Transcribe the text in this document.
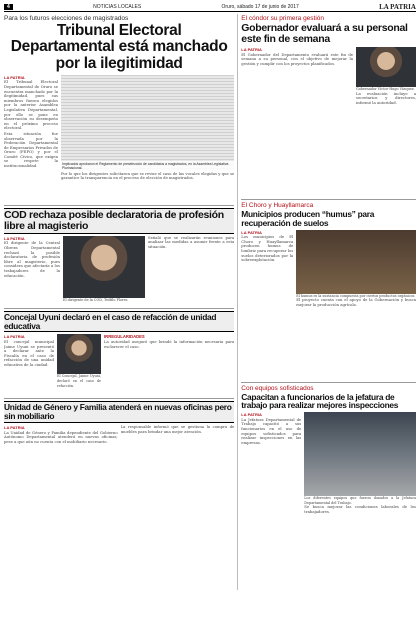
4	NOTICIAS LOCALES	Oruro, sábado 17 de junio de 2017	LA PATRIA
Para los futuros elecciones de magistrados
Tribunal Electoral Departamental está manchado por la ilegitimidad
LA PATRIA

El Tribunal Electoral Departamental de Oruro se encuentra manchado por la ilegitimidad, pues sus miembros fueron elegidos por la anterior Asamblea Legislativa Departamental, por ello se pone en observación su desempeño en el próximo proceso electoral.

Esta situación fue observada por la Federación Departamental de Empresarios Privados de Oruro (FEPO) y por el Comité Cívico, que exigen se respete la institucionalidad.	Implicados aprobaron el Reglamento de preselección de candidatos a magistrados, en la Asamblea Legislativa Plurinacional.

Por lo que los dirigentes solicitaron que se revise el caso de las vocales elegidas y que se garantice la transparencia en el proceso de elección de magistrados.

COD rechaza posible declaratoria de profesión libre al magisterio
LA PATRIA

El dirigente de la Central Obrera Departamental rechazó la posible declaratoria de profesión libre al magisterio, pues considera que afectaría a los trabajadores de la educación.

El dirigente de la COD, Teófilo Flores.

Señaló que se realizarán reuniones para analizar las medidas a asumir frente a esta situación.

Concejal Uyuni declaró en el caso de refacción de unidad educativa
LA PATRIA

El concejal municipal Jaime Uyuni se presentó a declarar ante la Fiscalía en el caso de refacción de una unidad educativa de la ciudad.

El Concejal, Jaime Uyuni, declaró en el caso de refacción.
IRREGULARIDADES

La autoridad aseguró que brindó la información necesaria para esclarecer el caso.

Unidad de Género y Familia atenderá en nuevas oficinas pero sin mobiliario
LA PATRIA

La Unidad de Género y Familia dependiente del Gobierno Autónomo Departamental atenderá en nuevas oficinas, pese a que aún no cuenta con el mobiliario necesario.

La responsable informó que se gestiona la compra de muebles para brindar una mejor atención.

El cóndor su primera gestión
Gobernador evaluará a su personal este fin de semana
LA PATRIA

El Gobernador del Departamento evaluará este fin de semana a su personal, con el objetivo de mejorar la gestión y cumplir con los proyectos planificados.

Gobernador Víctor Hugo Vásquez.

La evaluación incluye a secretarios y directores, informó la autoridad.

El Choro y Huayllamarca
Municipios producen “humus” para recuperación de suelos
LA PATRIA

Los municipios de El Choro y Huayllamarca producen humus de lombriz para recuperar los suelos deteriorados por la sobreexplotación.

El humus es la sustancia compuesta por ciertos productos orgánicos.

El proyecto cuenta con el apoyo de la Gobernación y busca mejorar la producción agrícola.

Con equipos sofisticados
Capacitan a funcionarios de la jefatura de trabajo para realizar mejores inspecciones
LA PATRIA

La Jefatura Departamental de Trabajo capacitó a sus funcionarios en el uso de equipos sofisticados para realizar inspecciones en las empresas.

Los diferentes equipos que fueron donados a la Jefatura Departamental del Trabajo.

Se busca mejorar las condiciones laborales de los trabajadores.
